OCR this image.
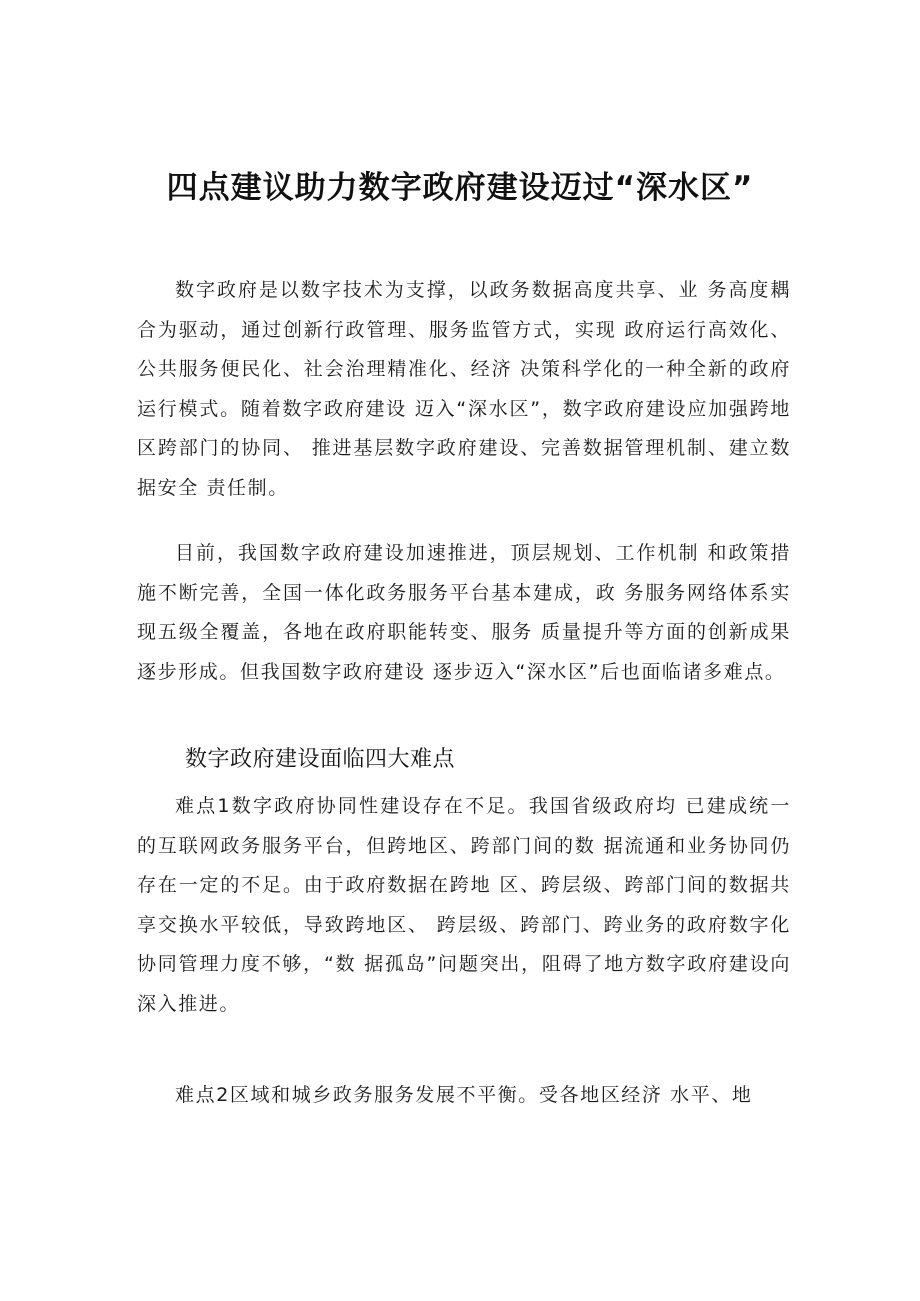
四点建议助力数字政府建设迈过“深水区”

数字政府是以数字技术为支撑，以政务数据高度共享、业 务高度耦合为驱动，通过创新行政管理、服务监管方式，实现 政府运行高效化、公共服务便民化、社会治理精准化、经济 决策科学化的一种全新的政府运行模式。随着数字政府建设 迈入“深水区”，数字政府建设应加强跨地区跨部门的协同、 推进基层数字政府建设、完善数据管理机制、建立数据安全 责任制。

目前，我国数字政府建设加速推进，顶层规划、工作机制 和政策措施不断完善，全国一体化政务服务平台基本建成，政 务服务网络体系实现五级全覆盖，各地在政府职能转变、服务 质量提升等方面的创新成果逐步形成。但我国数字政府建设 逐步迈入“深水区”后也面临诸多难点。

数字政府建设面临四大难点

难点1数字政府协同性建设存在不足。我国省级政府均 已建成统一的互联网政务服务平台，但跨地区、跨部门间的数 据流通和业务协同仍存在一定的不足。由于政府数据在跨地 区、跨层级、跨部门间的数据共享交换水平较低，导致跨地区、 跨层级、跨部门、跨业务的政府数字化协同管理力度不够，“数 据孤岛”问题突出，阻碍了地方数字政府建设向深入推进。

难点2区域和城乡政务服务发展不平衡。受各地区经济 水平、地
